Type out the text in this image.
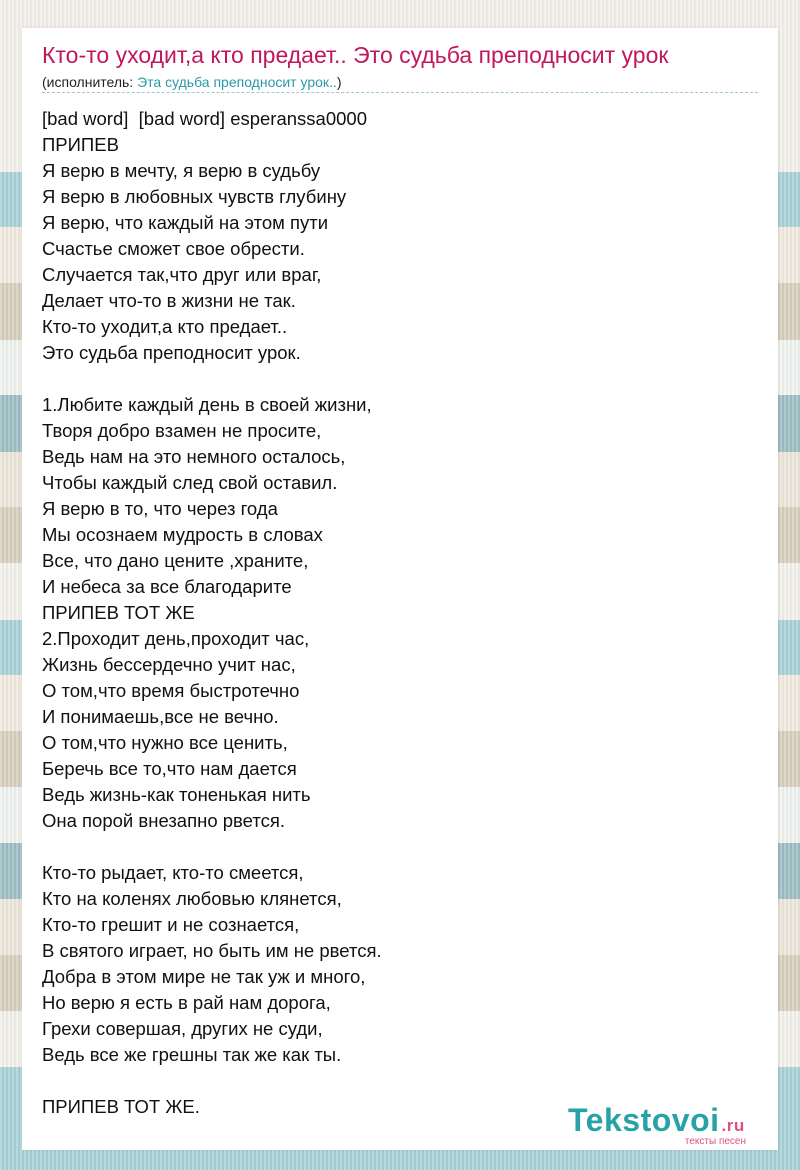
Кто-то уходит,а кто предает.. Это судьба преподносит урок
(исполнитель: Эта судьба преподносит урок..)
[bad word]  [bad word] esperanssa0000
ПРИПЕВ
Я верю в мечту, я верю в судьбу
Я верю в любовных чувств глубину
Я верю, что каждый на этом пути
Счастье сможет свое обрести.
Случается так,что друг или враг,
Делает что-то в жизни не так.
Кто-то уходит,а кто предает..
Это судьба преподносит урок.

1.Любите каждый день в своей жизни,
Творя добро взамен не просите,
Ведь нам на это немного осталось,
Чтобы каждый след свой оставил.
Я верю в то, что через года
Мы осознаем мудрость в словах
Все, что дано цените ,храните,
И небеса за все благодарите
ПРИПЕВ ТОТ ЖЕ
2.Проходит день,проходит час,
Жизнь бессердечно учит нас,
О том,что время быстротечно
И понимаешь,все не вечно.
О том,что нужно все ценить,
Беречь все то,что нам дается
Ведь жизнь-как тоненькая нить
Она порой внезапно рвется.

Кто-то рыдает, кто-то смеется,
Кто на коленях любовью клянется,
Кто-то грешит и не сознается,
В святого играет, но быть им не рвется.
Добра в этом мире не так уж и много,
Но верю я есть в рай нам дорога,
Грехи совершая, других не суди,
Ведь все же грешны так же как ты.

ПРИПЕВ ТОТ ЖЕ.	Tekstovoi .ru
тексты песен
